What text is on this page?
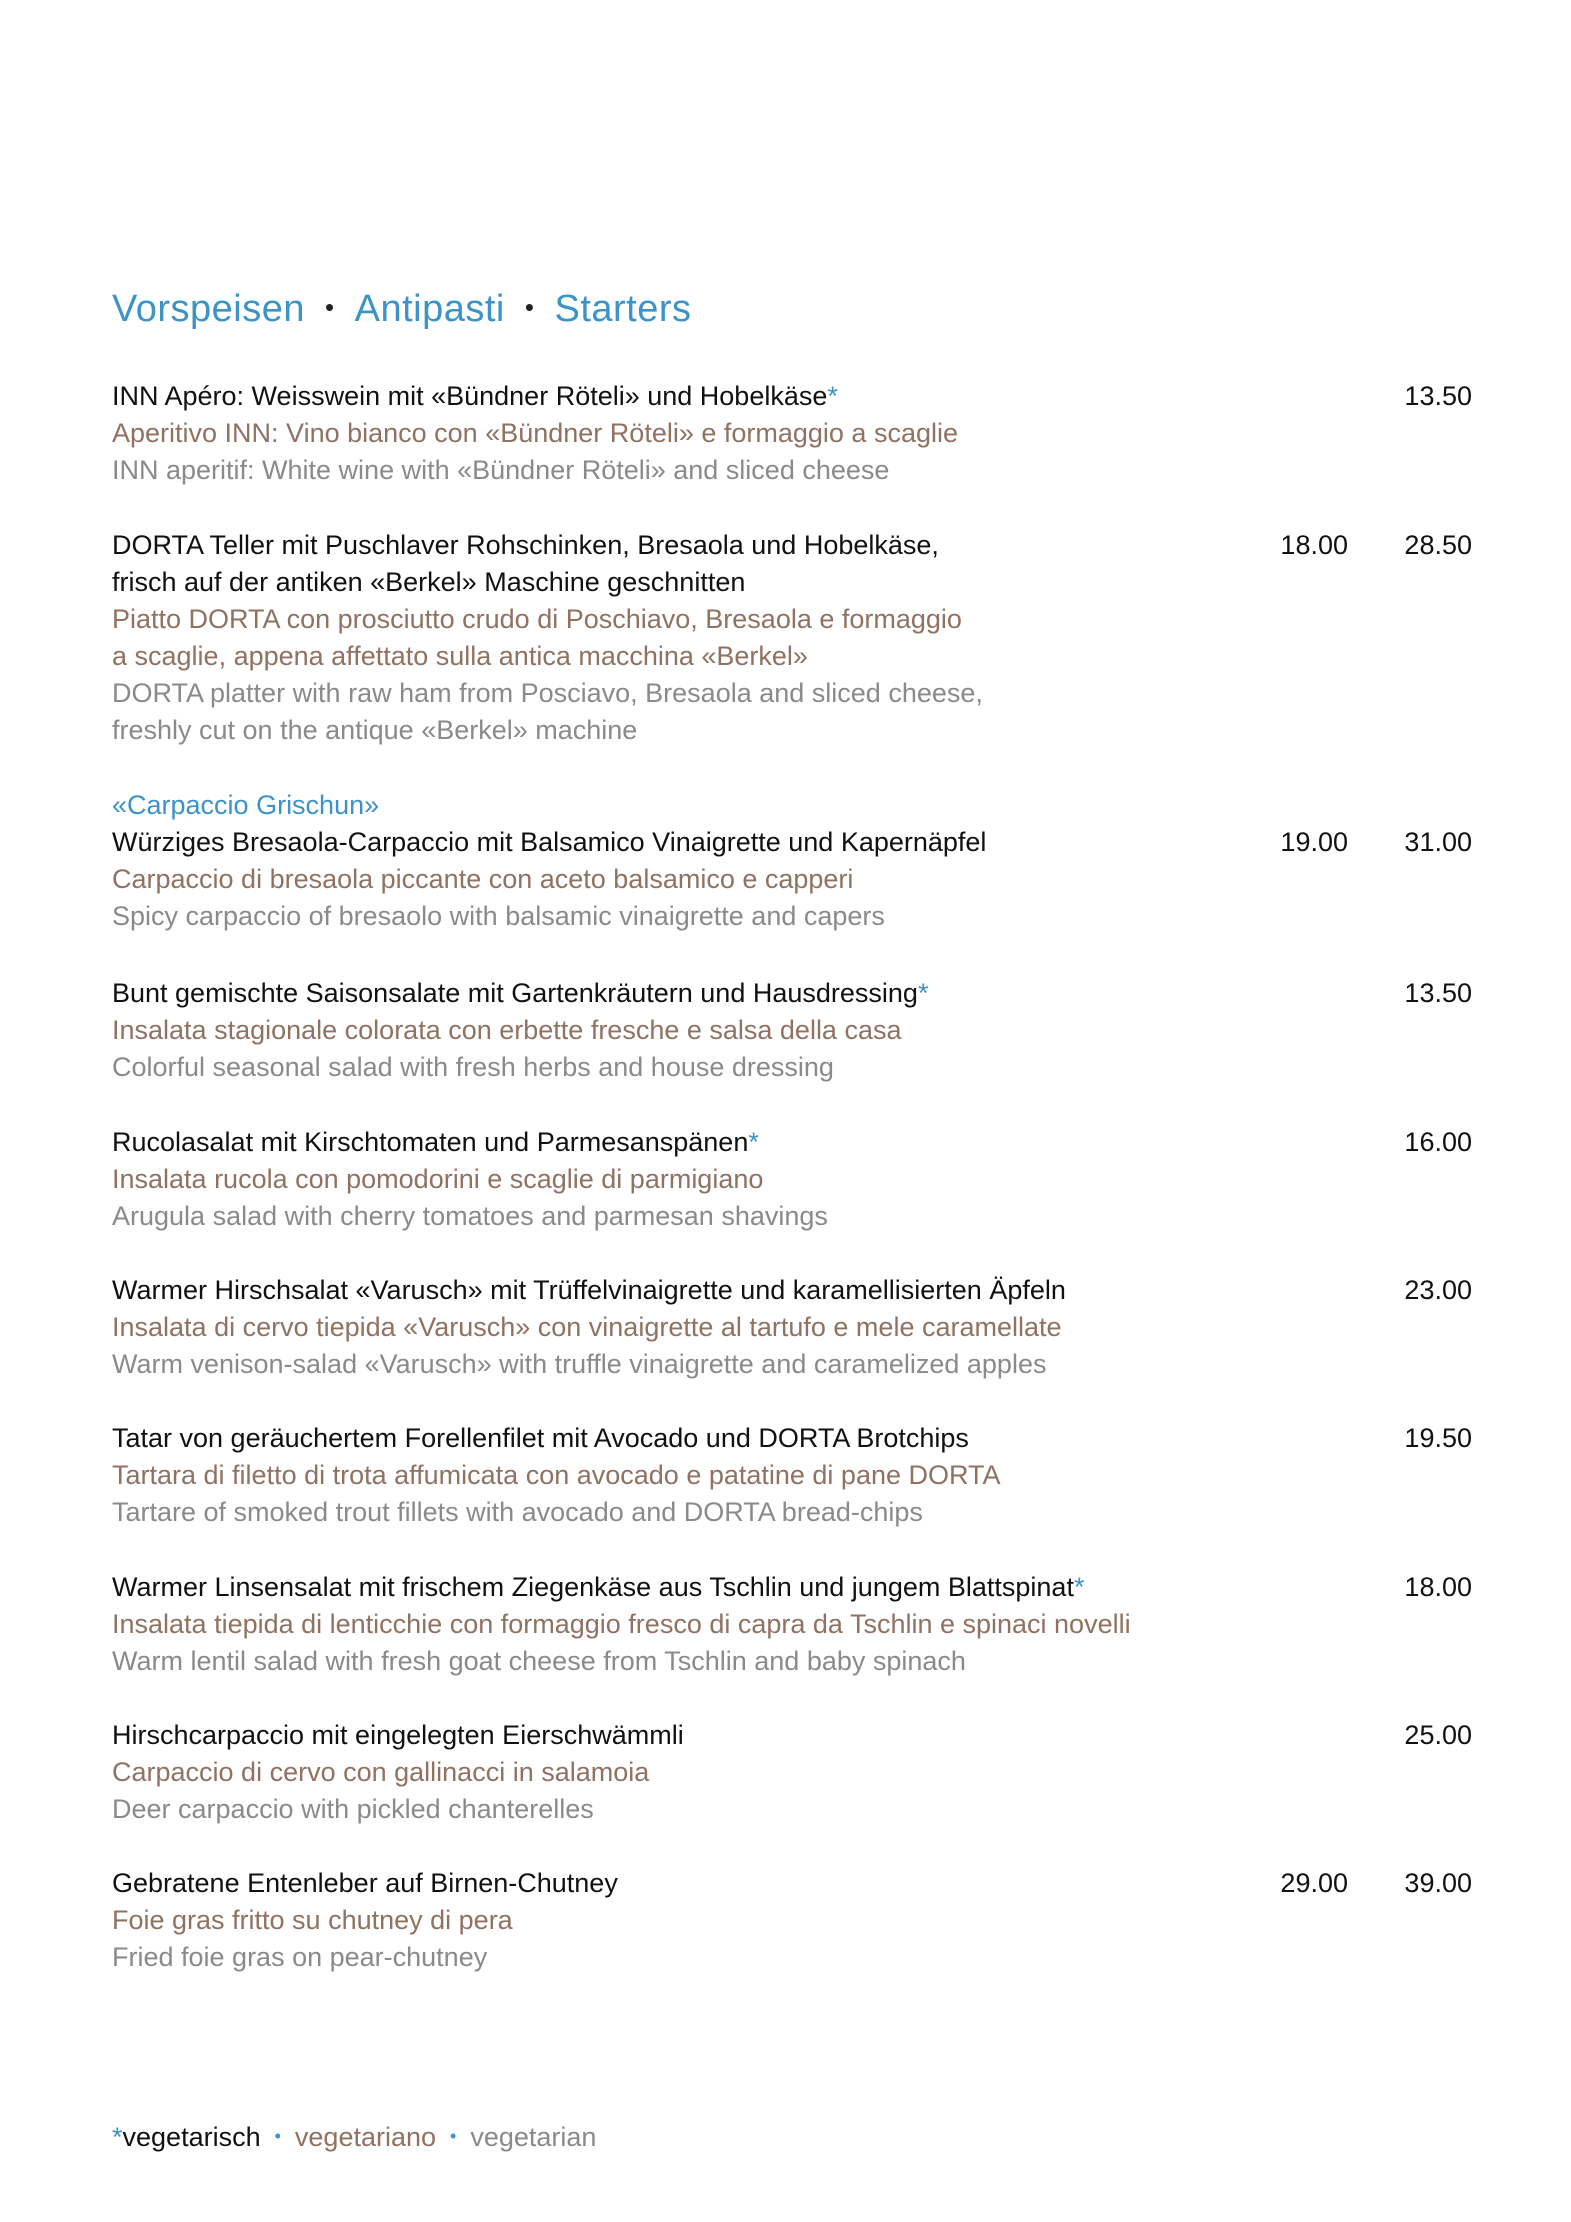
Vorspeisen • Antipasti • Starters
INN Apéro: Weisswein mit «Bündner Röteli» und Hobelkäse*
Aperitivo INN: Vino bianco con «Bündner Röteli» e formaggio a scaglie
INN aperitif: White wine with «Bündner Röteli» and sliced cheese
13.50
DORTA Teller mit Puschlaver Rohschinken, Bresaola und Hobelkäse,
frisch auf der antiken «Berkel» Maschine geschnitten
Piatto DORTA con prosciutto crudo di Poschiavo, Bresaola e formaggio
a scaglie, appena affettato sulla antica macchina «Berkel»
DORTA platter with raw ham from Posciavo, Bresaola and sliced cheese,
freshly cut on the antique «Berkel» machine
18.00	28.50
«Carpaccio Grischun»
Würziges Bresaola-Carpaccio mit Balsamico Vinaigrette und Kapernäpfel
Carpaccio di bresaola piccante con aceto balsamico e capperi
Spicy carpaccio of bresaolo with balsamic vinaigrette and capers
19.00	31.00
Bunt gemischte Saisonsalate mit Gartenkräutern und Hausdressing*
Insalata stagionale colorata con erbette fresche e salsa della casa
Colorful seasonal salad with fresh herbs and house dressing
13.50
Rucolasalat mit Kirschtomaten und Parmesanspänen*
Insalata rucola con pomodorini e scaglie di parmigiano
Arugula salad with cherry tomatoes and parmesan shavings
16.00
Warmer Hirschsalat «Varusch» mit Trüffelvinaigrette und karamellisierten Äpfeln
Insalata di cervo tiepida «Varusch» con vinaigrette al tartufo e mele caramellate
Warm venison-salad «Varusch» with truffle vinaigrette and caramelized apples
23.00
Tatar von geräuchertem Forellenfilet mit Avocado und DORTA Brotchips
Tartara di filetto di trota affumicata con avocado e patatine di pane DORTA
Tartare of smoked trout fillets with avocado and DORTA bread-chips
19.50
Warmer Linsensalat mit frischem Ziegenkäse aus Tschlin und jungem Blattspinat*
Insalata tiepida di lenticchie con formaggio fresco di capra da Tschlin e spinaci novelli
Warm lentil salad with fresh goat cheese from Tschlin and baby spinach
18.00
Hirschcarpaccio mit eingelegten Eierschwämmli
Carpaccio di cervo con gallinacci in salamoia
Deer carpaccio with pickled chanterelles
25.00
Gebratene Entenleber auf Birnen-Chutney
Foie gras fritto su chutney di pera
Fried foie gras on pear-chutney
29.00	39.00
*vegetarisch • vegetariano • vegetarian
